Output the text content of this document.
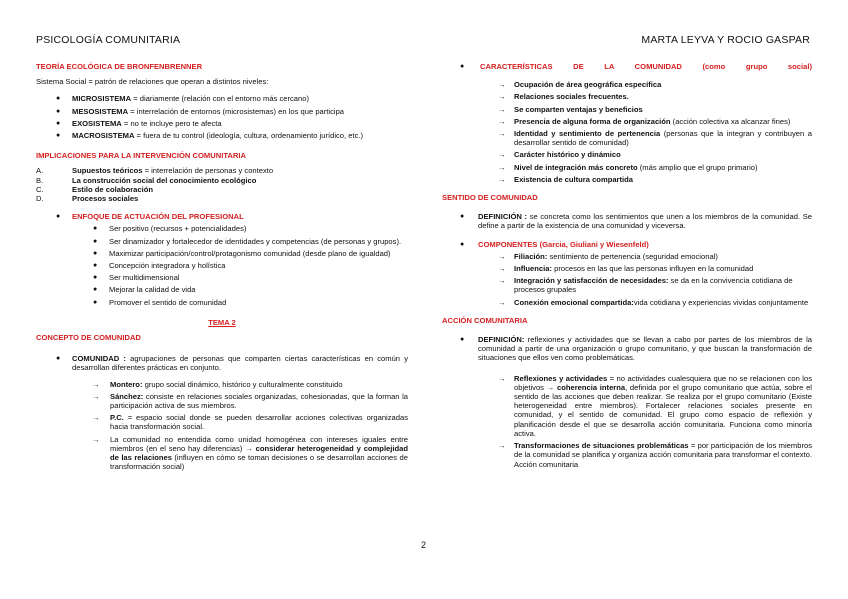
PSICOLOGÍA COMUNITARIA	MARTA LEYVA Y ROCIO GASPAR

TEORÍA ECOLÓGICA DE BRONFENBRENNER

Sistema Social = patrón de relaciones que operan a distintos niveles:

● MICROSISTEMA = diariamente (relación con el entorno más cercano)
● MESOSISTEMA = interrelación de entornos (microsistemas) en los que participa
● EXOSISTEMA = no te incluye pero te afecta
● MACROSISTEMA = fuera de tu control (ideología, cultura, ordenamiento jurídico, etc.)

IMPLICACIONES PARA LA INTERVENCIÓN COMUNITARIA

A.	Supuestos teóricos = interrelación de personas y contexto
B.	La construcción social del conocimiento ecológico
C.	Estilo de colaboración
D.	Procesos sociales
● ENFOQUE DE ACTUACIÓN DEL PROFESIONAL
● Ser positivo (recursos + potencialidades)
● Ser dinamizador y fortalecedor de identidades y competencias (de personas y grupos).
● Maximizar participación/control/protagonismo comunidad (desde plano de igualdad)
● Concepción integradora y holística
● Ser multidimensional
● Mejorar la calidad de vida
● Promover el sentido de comunidad

TEMA 2

CONCEPTO DE COMUNIDAD

● COMUNIDAD : agrupaciones de personas que comparten ciertas características en común y desarrollan diferentes prácticas en conjunto.
→ Montero: grupo social dinámico, histórico y culturalmente constituido
→ Sánchez: consiste en relaciones sociales organizadas, cohesionadas, que la forman la participación activa de sus miembros.
→ P.C. = espacio social donde se pueden desarrollar acciones colectivas organizadas hacia transformación social.
→ La comunidad no entendida como unidad homogénea con intereses iguales entre miembros (en el seno hay diferencias) → considerar heterogeneidad y complejidad de las relaciones (influyen en cómo se toman decisiones o se desarrollan acciones de transformación social)
● CARACTERÍSTICAS DE LA COMUNIDAD (como grupo social)
→ Ocupación de área geográfica específica
→ Relaciones sociales frecuentes.
→ Se comparten ventajas y beneficios
→ Presencia de alguna forma de organización (acción colectiva xa alcanzar fines)
→ Identidad y sentimiento de pertenencia (personas que la integran y contribuyen a desarrollar sentido de comunidad)
→ Carácter histórico y dinámico
→ Nivel de integración más concreto (más amplio que el grupo primario)
→ Existencia de cultura compartida

SENTIDO DE COMUNIDAD

● DEFINICIÓN : se concreta como los sentimientos que unen a los miembros de la comunidad. Se define a partir de la existencia de una comunidad y viceversa.
● COMPONENTES (Garcia, Giuliani y Wiesenfeld)
→ Filiación: sentimiento de pertenencia (seguridad emocional)
→ Influencia: procesos en las que las personas influyen en la comunidad
→ Integración y satisfacción de necesidades: se da en la convivencia cotidiana de procesos grupales
→ Conexión emocional compartida:vida cotidiana y experiencias vividas conjuntamente

ACCIÓN COMUNITARIA

● DEFINICIÓN: reflexiones y actividades que se llevan a cabo por partes de los miembros de la comunidad a partir de una organización o grupo comunitario, y que buscan la transformación de situaciones que ellos ven como problemáticas.
→ Reflexiones y actividades = no actividades cualesquiera que no se relacionen con los objetivos → coherencia interna, definida por el grupo comunitario que actúa, sobre el sentido de las acciones que deben realizar. Se realiza por el grupo comunitario (Existe heterogeneidad entre miembros). Fortalecer relaciones sociales presente en comunidad, y el sentido de comunidad. El grupo como espacio de reflexión y planificación desde el que se desarrolla acción comunitaria. Funciona como minoría activa.
→ Transformaciones de situaciones problemáticas = por participación de los miembros de la comunidad se planifica y organiza acción comunitaria para transformar el contexto. Acción comunitaria
2
